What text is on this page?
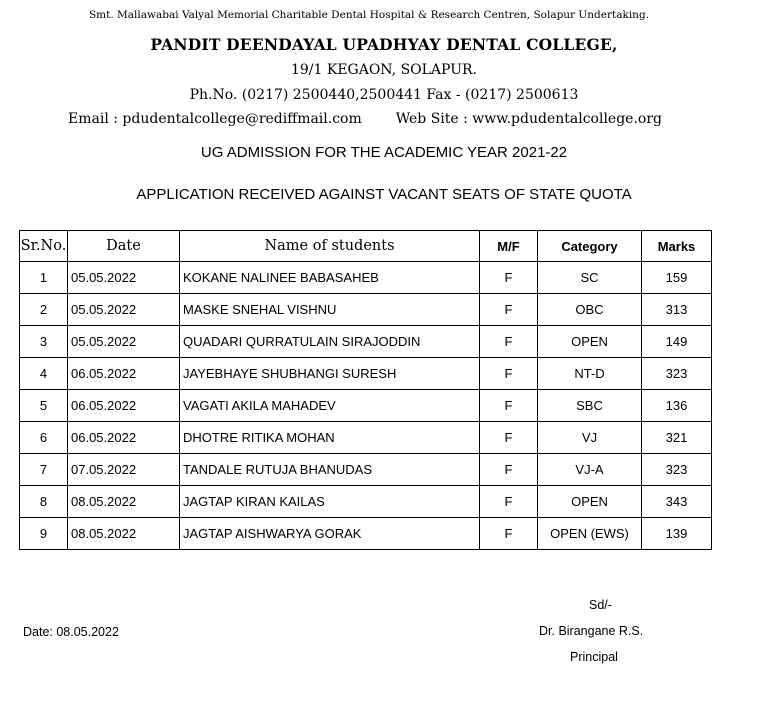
Smt. Mallawabai Valyal Memorial Charitable Dental Hospital & Research Centren, Solapur Undertaking.
PANDIT DEENDAYAL UPADHYAY DENTAL COLLEGE,
19/1 KEGAON, SOLAPUR.
Ph.No. (0217) 2500440,2500441 Fax - (0217) 2500613
Email : pdudentalcollege@rediffmail.com Web Site : www.pdudentalcollege.org
UG ADMISSION FOR THE ACADEMIC YEAR 2021-22
APPLICATION RECEIVED AGAINST VACANT SEATS OF STATE QUOTA
Sr.No.	Date	Name of students	M/F	Category	Marks
1	05.05.2022	KOKANE NALINEE BABASAHEB	F	SC	159
2	05.05.2022	MASKE SNEHAL VISHNU	F	OBC	313
3	05.05.2022	QUADARI QURRATULAIN SIRAJODDIN	F	OPEN	149
4	06.05.2022	JAYEBHAYE SHUBHANGI SURESH	F	NT-D	323
5	06.05.2022	VAGATI AKILA MAHADEV	F	SBC	136
6	06.05.2022	DHOTRE RITIKA MOHAN	F	VJ	321
7	07.05.2022	TANDALE RUTUJA BHANUDAS	F	VJ-A	323
8	08.05.2022	JAGTAP KIRAN KAILAS	F	OPEN	343
9	08.05.2022	JAGTAP AISHWARYA GORAK	F	OPEN (EWS)	139
Sd/-
Date: 08.05.2022	Dr. Birangane R.S.
Principal
